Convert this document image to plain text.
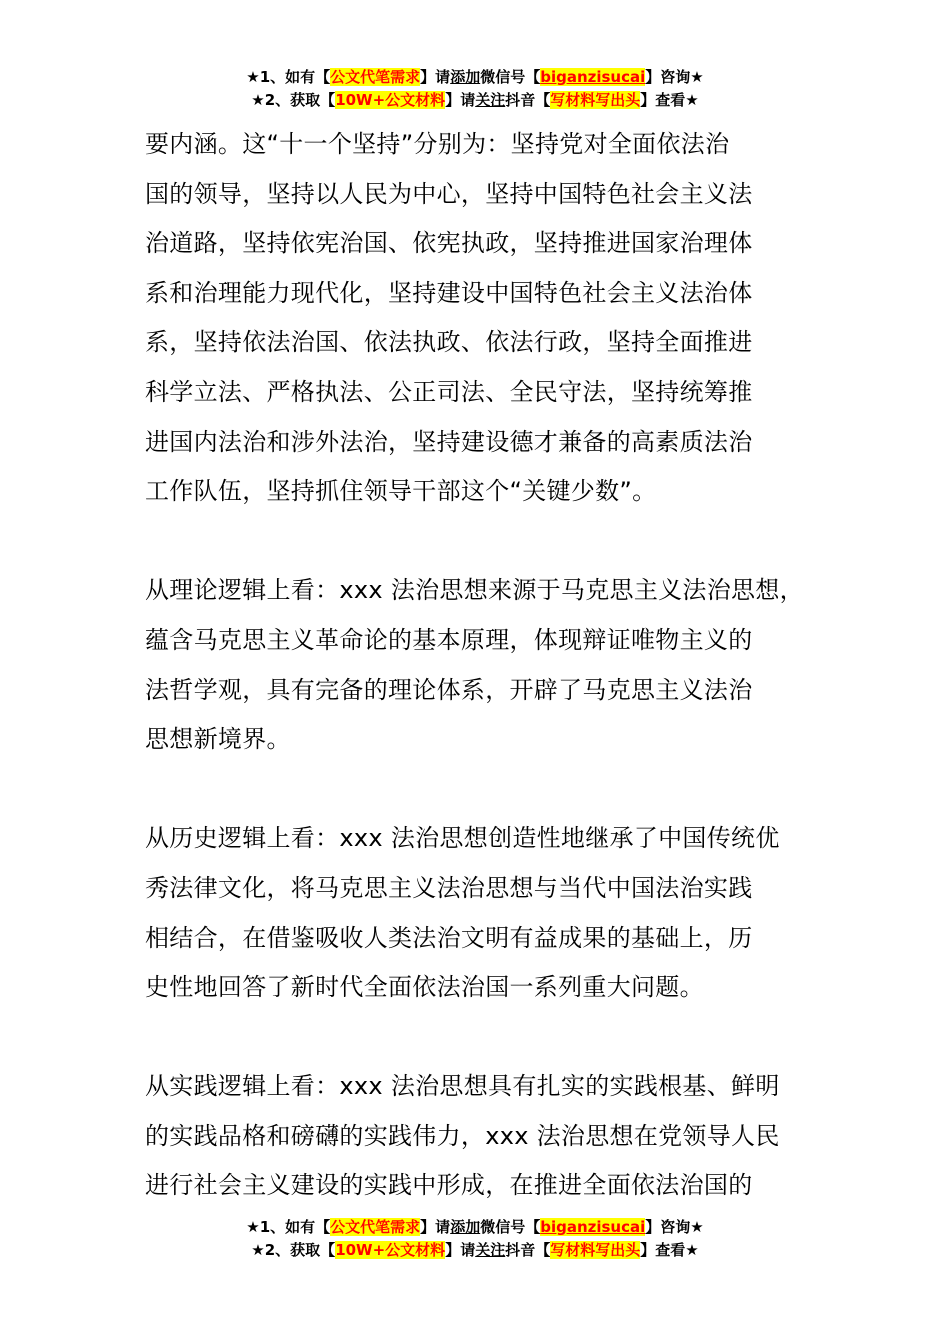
★1、如有【公文代笔需求】请添加微信号【biganzisucai】咨询★
★2、获取【10W+公文材料】请关注抖音【写材料写出头】查看★
要内涵。这“十一个坚持”分别为：坚持党对全面依法治
国的领导，坚持以人民为中心，坚持中国特色社会主义法
治道路，坚持依宪治国、依宪执政，坚持推进国家治理体
系和治理能力现代化，坚持建设中国特色社会主义法治体
系，坚持依法治国、依法执政、依法行政，坚持全面推进
科学立法、严格执法、公正司法、全民守法，坚持统筹推
进国内法治和涉外法治，坚持建设德才兼备的高素质法治
工作队伍，坚持抓住领导干部这个“关键少数”。
从理论逻辑上看：xxx 法治思想来源于马克思主义法治思想，
蕴含马克思主义革命论的基本原理，体现辩证唯物主义的
法哲学观，具有完备的理论体系，开辟了马克思主义法治
思想新境界。
从历史逻辑上看：xxx 法治思想创造性地继承了中国传统优
秀法律文化，将马克思主义法治思想与当代中国法治实践
相结合，在借鉴吸收人类法治文明有益成果的基础上，历
史性地回答了新时代全面依法治国一系列重大问题。
从实践逻辑上看：xxx 法治思想具有扎实的实践根基、鲜明
的实践品格和磅礴的实践伟力，xxx 法治思想在党领导人民
进行社会主义建设的实践中形成，在推进全面依法治国的
★1、如有【公文代笔需求】请添加微信号【biganzisucai】咨询★
★2、获取【10W+公文材料】请关注抖音【写材料写出头】查看★
